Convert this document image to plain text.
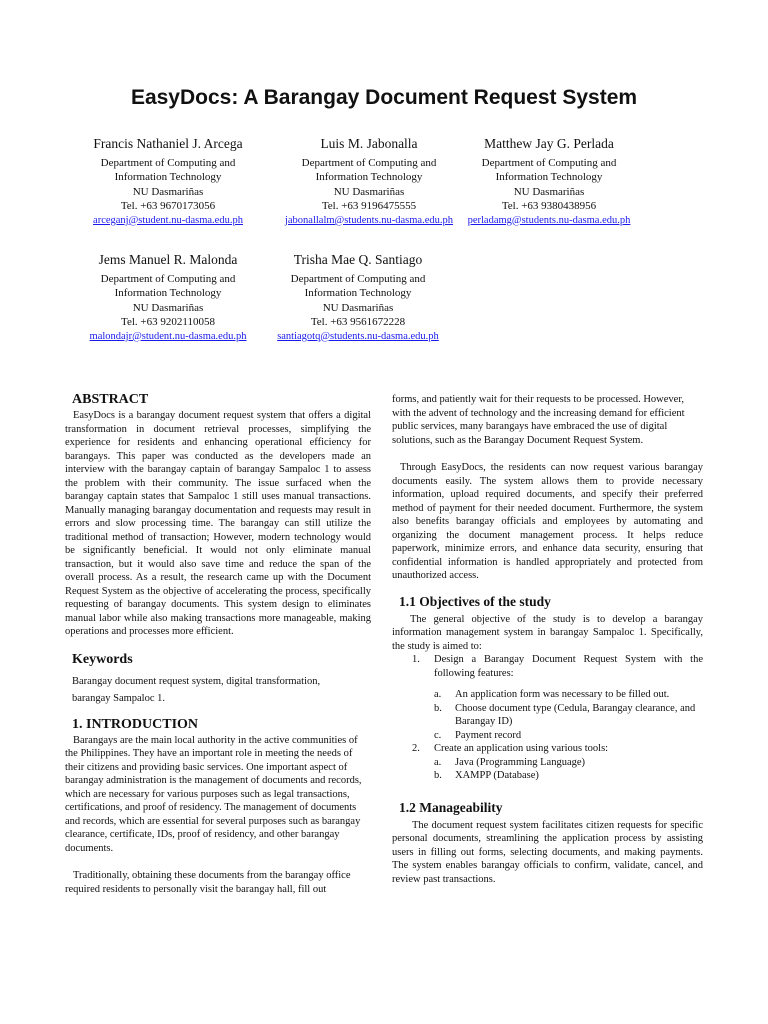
EasyDocs: A Barangay Document Request System
Francis Nathaniel J. Arcega
Department of Computing and
Information Technology
NU Dasmariñas
Tel. +63 9670173056
arceganj@student.nu-dasma.edu.ph
Luis M. Jabonalla
Department of Computing and
Information Technology
NU Dasmariñas
Tel. +63 9196475555
jabonallalm@students.nu-dasma.edu.ph
Matthew Jay G. Perlada
Department of Computing and
Information Technology
NU Dasmariñas
Tel. +63 9380438956
perladamg@students.nu-dasma.edu.ph
Jems Manuel R. Malonda
Department of Computing and
Information Technology
NU Dasmariñas
Tel. +63 9202110058
malondajr@student.nu-dasma.edu.ph
Trisha Mae Q. Santiago
Department of Computing and
Information Technology
NU Dasmariñas
Tel. +63 9561672228
santiagotq@students.nu-dasma.edu.ph
ABSTRACT

EasyDocs is a barangay document request system that offers a digital transformation in document retrieval processes, simplifying the experience for residents and enhancing operational efficiency for barangays. This paper was conducted as the developers made an interview with the barangay captain of barangay Sampaloc 1 to assess the problem with their community. The issue surfaced when the barangay captain states that Sampaloc 1 still uses manual transactions. Manually managing barangay documentation and requests may result in errors and slow processing time. The barangay can still utilize the traditional method of transaction; However, modern technology would be significantly beneficial. It would not only eliminate manual transaction, but it would also save time and reduce the span of the overall process. As a result, the research came up with the Document Request System as the objective of accelerating the process, specifically requesting of barangay documents. This system design to eliminates manual labor while also making transactions more manageable, making operations and processes more efficient.

Keywords

Barangay document request system, digital transformation, barangay Sampaloc 1.

1. INTRODUCTION

Barangays are the main local authority in the active communities of the Philippines. They have an important role in meeting the needs of their citizens and providing basic services. One important aspect of barangay administration is the management of documents and records, which are necessary for various purposes such as legal transactions, certifications, and proof of residency. The management of documents and records, which are essential for several purposes such as barangay clearance, certificate, IDs, proof of residency, and other barangay documents.

Traditionally, obtaining these documents from the barangay office required residents to personally visit the barangay hall, fill out

forms, and patiently wait for their requests to be processed. However, with the advent of technology and the increasing demand for efficient public services, many barangays have embraced the use of digital solutions, such as the Barangay Document Request System.

Through EasyDocs, the residents can now request various barangay documents easily. The system allows them to provide necessary information, upload required documents, and specify their preferred method of payment for their needed document. Furthermore, the system also benefits barangay officials and employees by automating and organizing the document management process. It helps reduce paperwork, minimize errors, and enhance data security, ensuring that confidential information is handled appropriately and protected from unauthorized access.

1.1 Objectives of the study

The general objective of the study is to develop a barangay information management system in barangay Sampaloc 1. Specifically, the study is aimed to:

1. Design a Barangay Document Request System with the following features:

a. An application form was necessary to be filled out.

b. Choose document type (Cedula, Barangay clearance, and Barangay ID)

c. Payment record

2. Create an application using various tools:

a. Java (Programming Language)

b. XAMPP (Database)

1.2 Manageability

The document request system facilitates citizen requests for specific personal documents, streamlining the application process by assisting users in filling out forms, selecting documents, and making payments. The system enables barangay officials to confirm, validate, cancel, and review past transactions.
